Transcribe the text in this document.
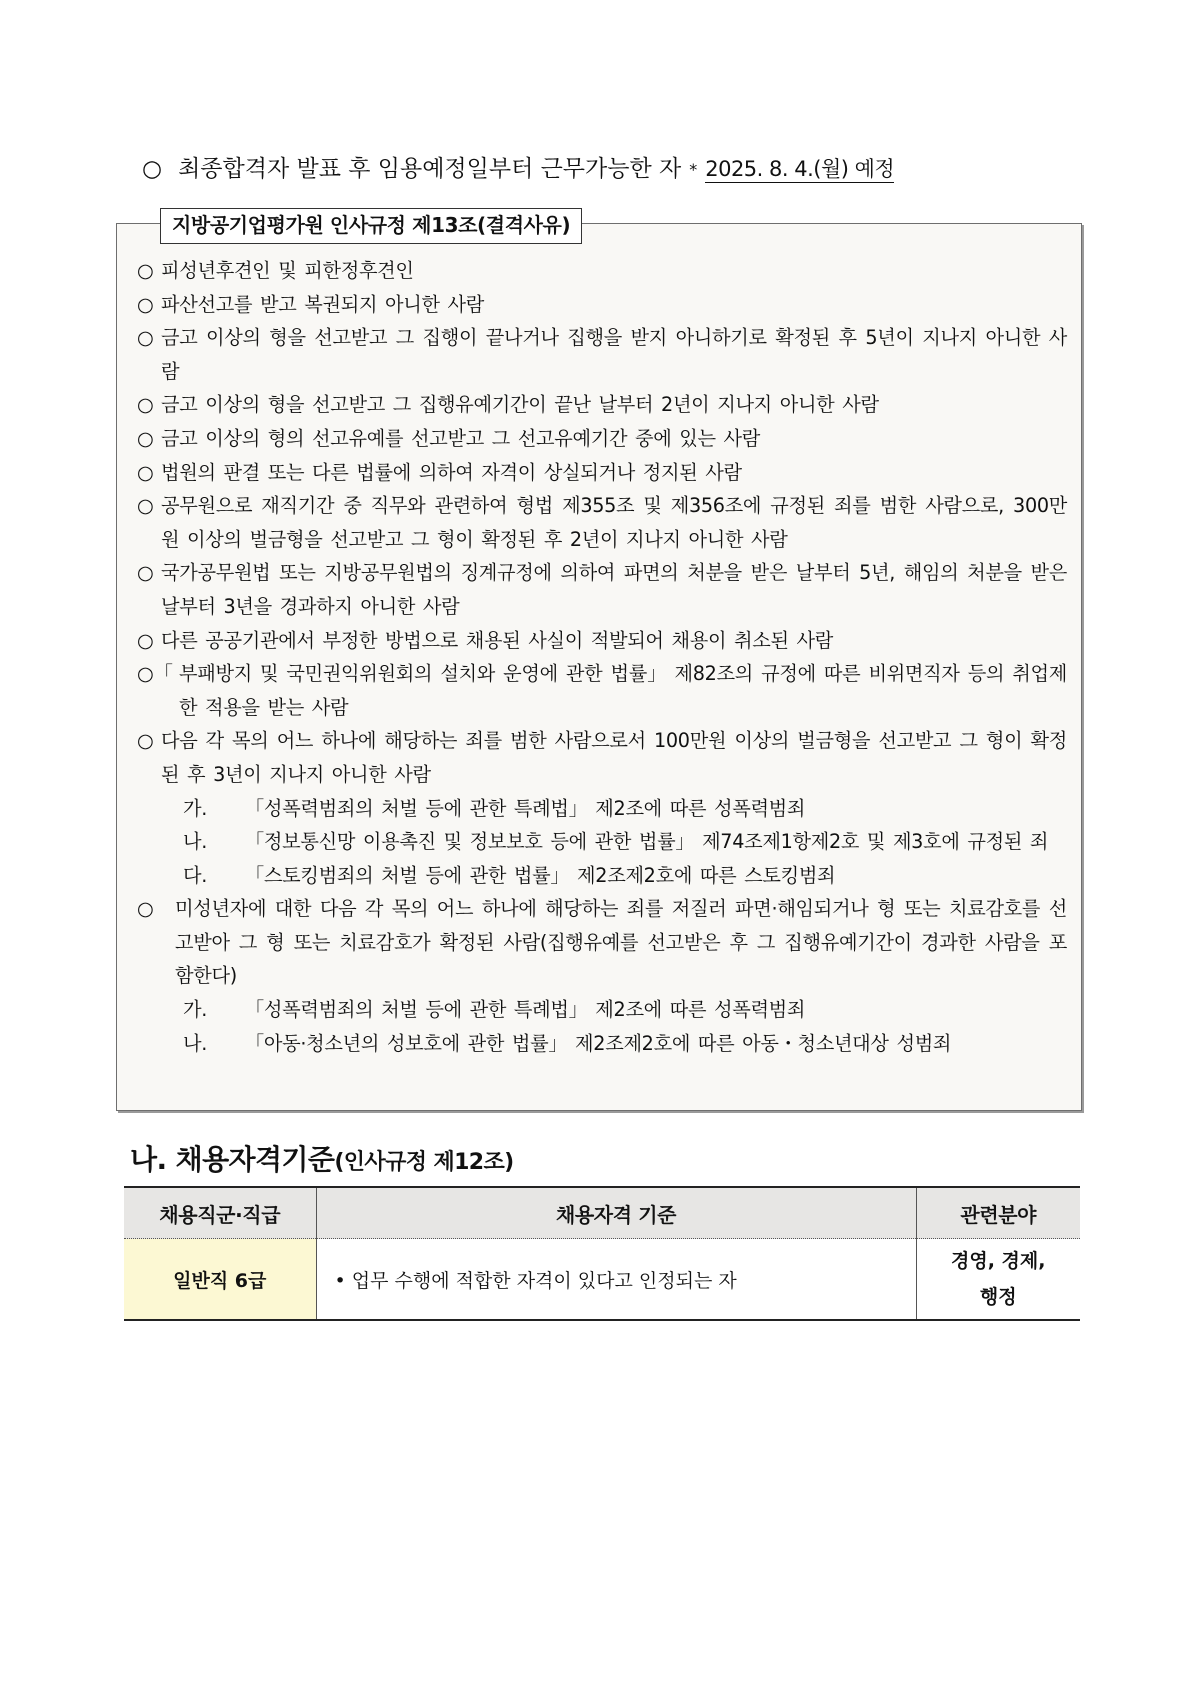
○ 최종합격자 발표 후 임용예정일부터 근무가능한 자 * 2025. 8. 4.(월) 예정
지방공기업평가원 인사규정 제13조(결격사유)
○ 피성년후견인 및 피한정후견인
○ 파산선고를 받고 복권되지 아니한 사람
○ 금고 이상의 형을 선고받고 그 집행이 끝나거나 집행을 받지 아니하기로 확정된 후 5년이 지나지 아니한 사람
○ 금고 이상의 형을 선고받고 그 집행유예기간이 끝난 날부터 2년이 지나지 아니한 사람
○ 금고 이상의 형의 선고유예를 선고받고 그 선고유예기간 중에 있는 사람
○ 법원의 판결 또는 다른 법률에 의하여 자격이 상실되거나 정지된 사람
○ 공무원으로 재직기간 중 직무와 관련하여 형법 제355조 및 제356조에 규정된 죄를 범한 사람으로, 300만원 이상의 벌금형을 선고받고 그 형이 확정된 후 2년이 지나지 아니한 사람
○ 국가공무원법 또는 지방공무원법의 징계규정에 의하여 파면의 처분을 받은 날부터 5년, 해임의 처분을 받은 날부터 3년을 경과하지 아니한 사람
○ 다른 공공기관에서 부정한 방법으로 채용된 사실이 적발되어 채용이 취소된 사람
○「 부패방지 및 국민권익위원회의 설치와 운영에 관한 법률」 제82조의 규정에 따른 비위면직자 등의 취업제한 적용을 받는 사람
○ 다음 각 목의 어느 하나에 해당하는 죄를 범한 사람으로서 100만원 이상의 벌금형을 선고받고 그 형이 확정된 후 3년이 지나지 아니한 사람
가. 「성폭력범죄의 처벌 등에 관한 특례법」 제2조에 따른 성폭력범죄
나. 「정보통신망 이용촉진 및 정보보호 등에 관한 법률」 제74조제1항제2호 및 제3호에 규정된 죄
다. 「스토킹범죄의 처벌 등에 관한 법률」 제2조제2호에 따른 스토킹범죄
○ 미성년자에 대한 다음 각 목의 어느 하나에 해당하는 죄를 저질러 파면·해임되거나 형 또는 치료감호를 선고받아 그 형 또는 치료감호가 확정된 사람(집행유예를 선고받은 후 그 집행유예기간이 경과한 사람을 포함한다)
가. 「성폭력범죄의 처벌 등에 관한 특례법」 제2조에 따른 성폭력범죄
나. 「아동·청소년의 성보호에 관한 법률」 제2조제2호에 따른 아동・청소년대상 성범죄
나. 채용자격기준(인사규정 제12조)
채용직군·직급	채용자격 기준	관련분야
일반직 6급	• 업무 수행에 적합한 자격이 있다고 인정되는 자	경영, 경제,
행정
